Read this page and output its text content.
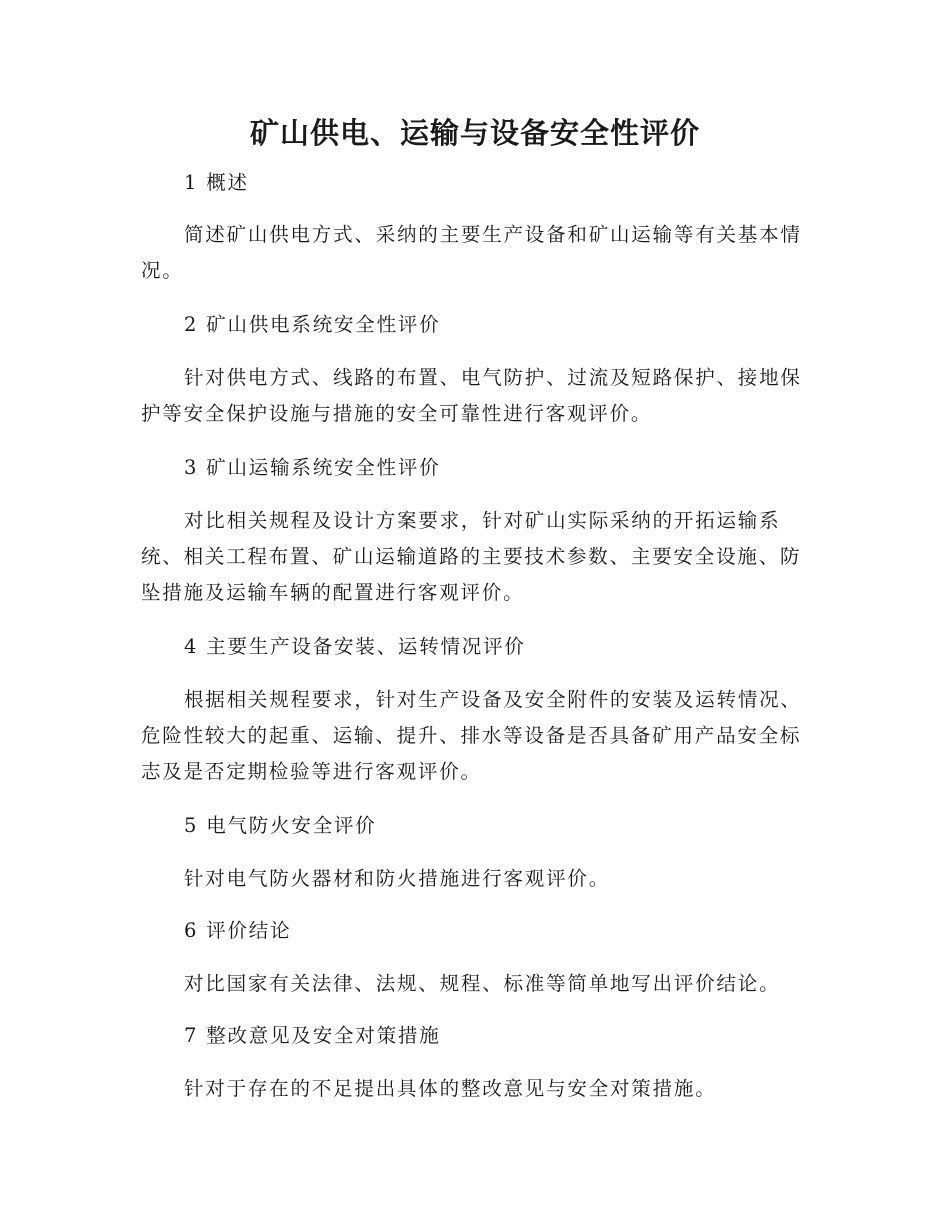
矿山供电、运输与设备安全性评价
1 概述
简述矿山供电方式、采纳的主要生产设备和矿山运输等有关基本情况。
2 矿山供电系统安全性评价
针对供电方式、线路的布置、电气防护、过流及短路保护、接地保护等安全保护设施与措施的安全可靠性进行客观评价。
3 矿山运输系统安全性评价
对比相关规程及设计方案要求，针对矿山实际采纳的开拓运输系统、相关工程布置、矿山运输道路的主要技术参数、主要安全设施、防坠措施及运输车辆的配置进行客观评价。
4 主要生产设备安装、运转情况评价
根据相关规程要求，针对生产设备及安全附件的安装及运转情况、危险性较大的起重、运输、提升、排水等设备是否具备矿用产品安全标志及是否定期检验等进行客观评价。
5 电气防火安全评价
针对电气防火器材和防火措施进行客观评价。
6 评价结论
对比国家有关法律、法规、规程、标准等简单地写出评价结论。
7 整改意见及安全对策措施
针对于存在的不足提出具体的整改意见与安全对策措施。
